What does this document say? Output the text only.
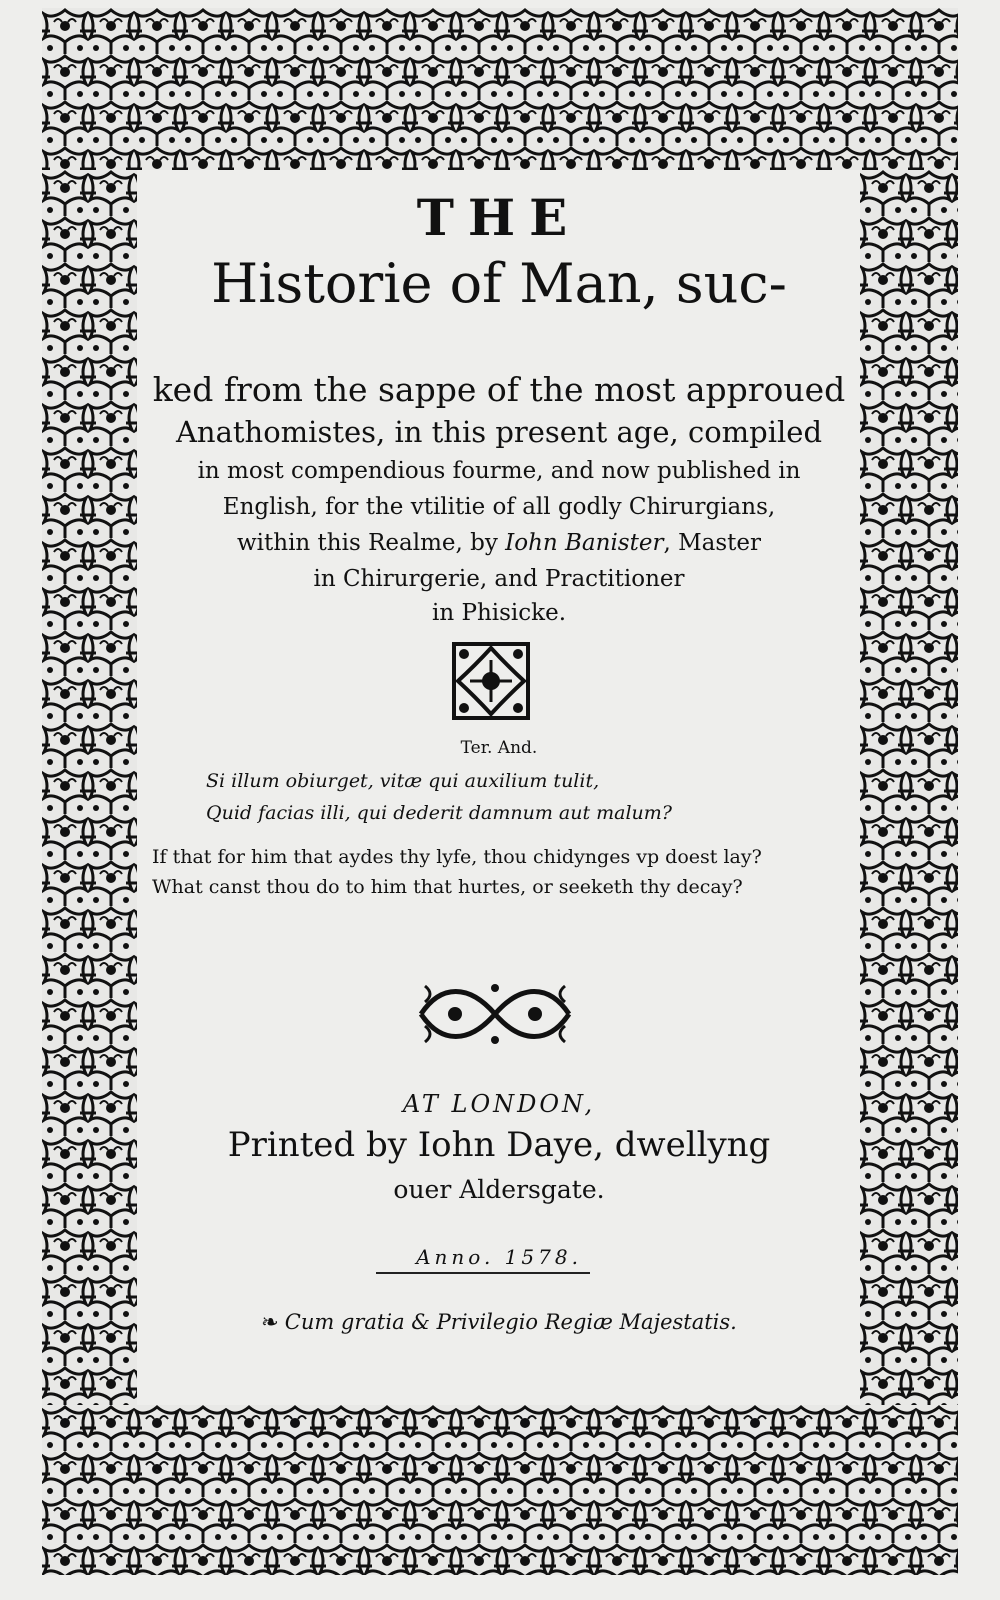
THE
Historie of Man, suc-
ked from the sappe of the most approued
Anathomistes, in this present age, compiled
in most compendious fourme, and now published in
English, for the vtilitie of all godly Chirurgians,
within this Realme, by Iohn Banister, Master
in Chirurgerie, and Practitioner
in Phisicke.
Ter. And.
Si illum obiurget, vitæ qui auxilium tulit,
Quid facias illi, qui dederit damnum aut malum?
If that for him that aydes thy lyfe, thou chidynges vp doest lay?
What canst thou do to him that hurtes, or seeketh thy decay?
AT LONDON,
Printed by Iohn Daye, dwellyng
ouer Aldersgate.
Anno. 1578.
❧ Cum gratia & Privilegio Regiæ Majestatis.
